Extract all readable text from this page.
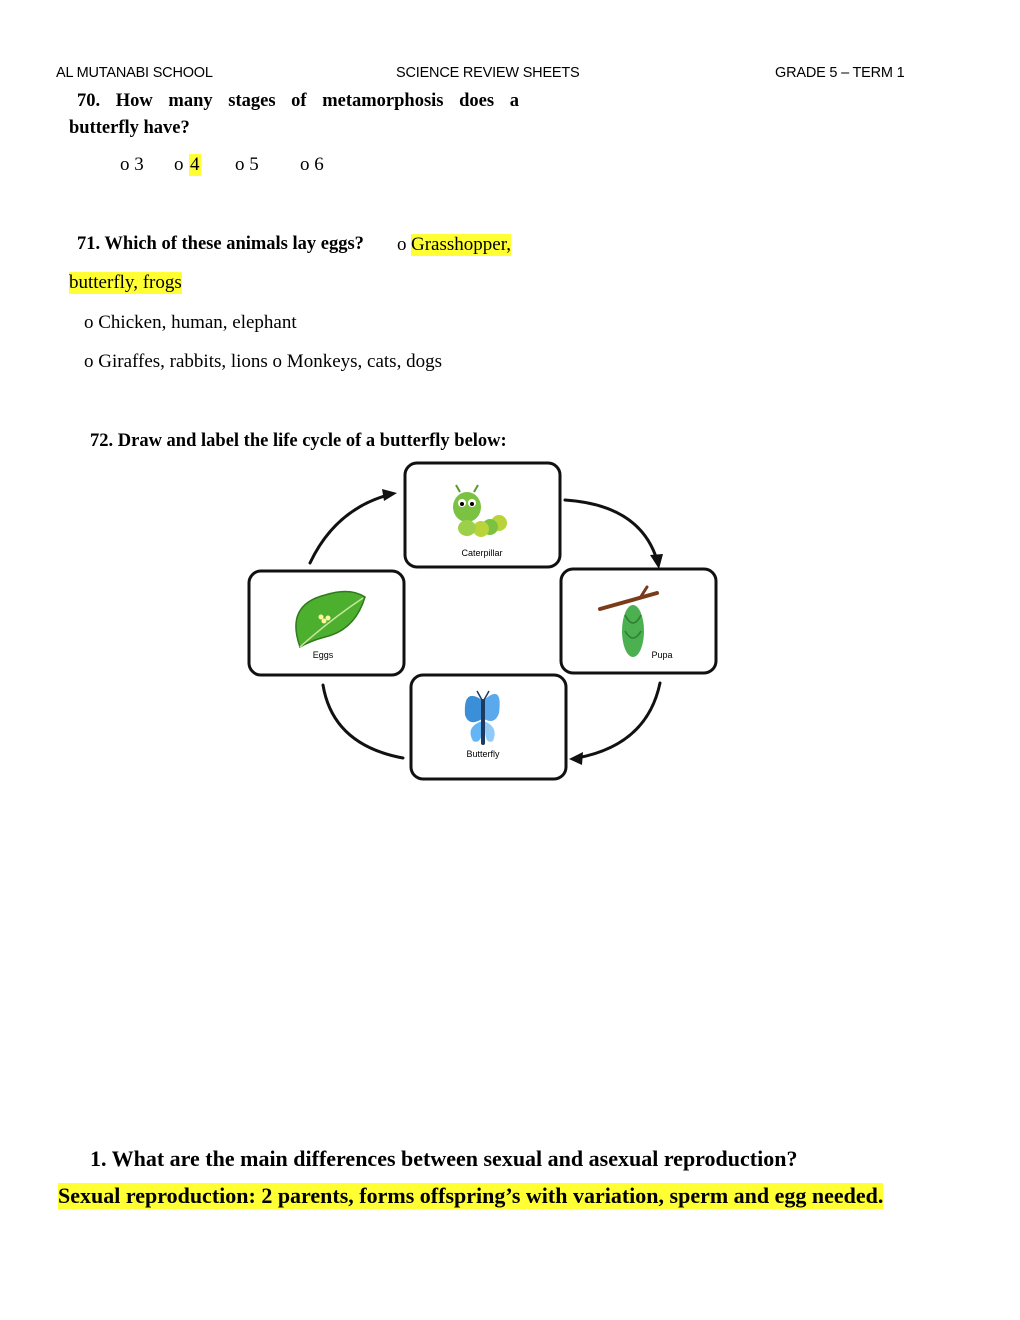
AL MUTANABI SCHOOL	SCIENCE REVIEW SHEETS	GRADE 5 – TERM 1
70. How many stages of metamorphosis does a
butterfly have?
o 3 o 4 o 5 o 6
71. Which of these animals lay eggs? o Grasshopper,
butterfly, frogs
o Chicken, human, elephant
o Giraffes, rabbits, lions o Monkeys, cats, dogs
72. Draw and label the life cycle of a butterfly below:
Caterpillar
Eggs	Pupa
Butterfly
1. What are the main differences between sexual and asexual reproduction?
Sexual reproduction: 2 parents, forms offspring’s with variation, sperm and egg needed.
